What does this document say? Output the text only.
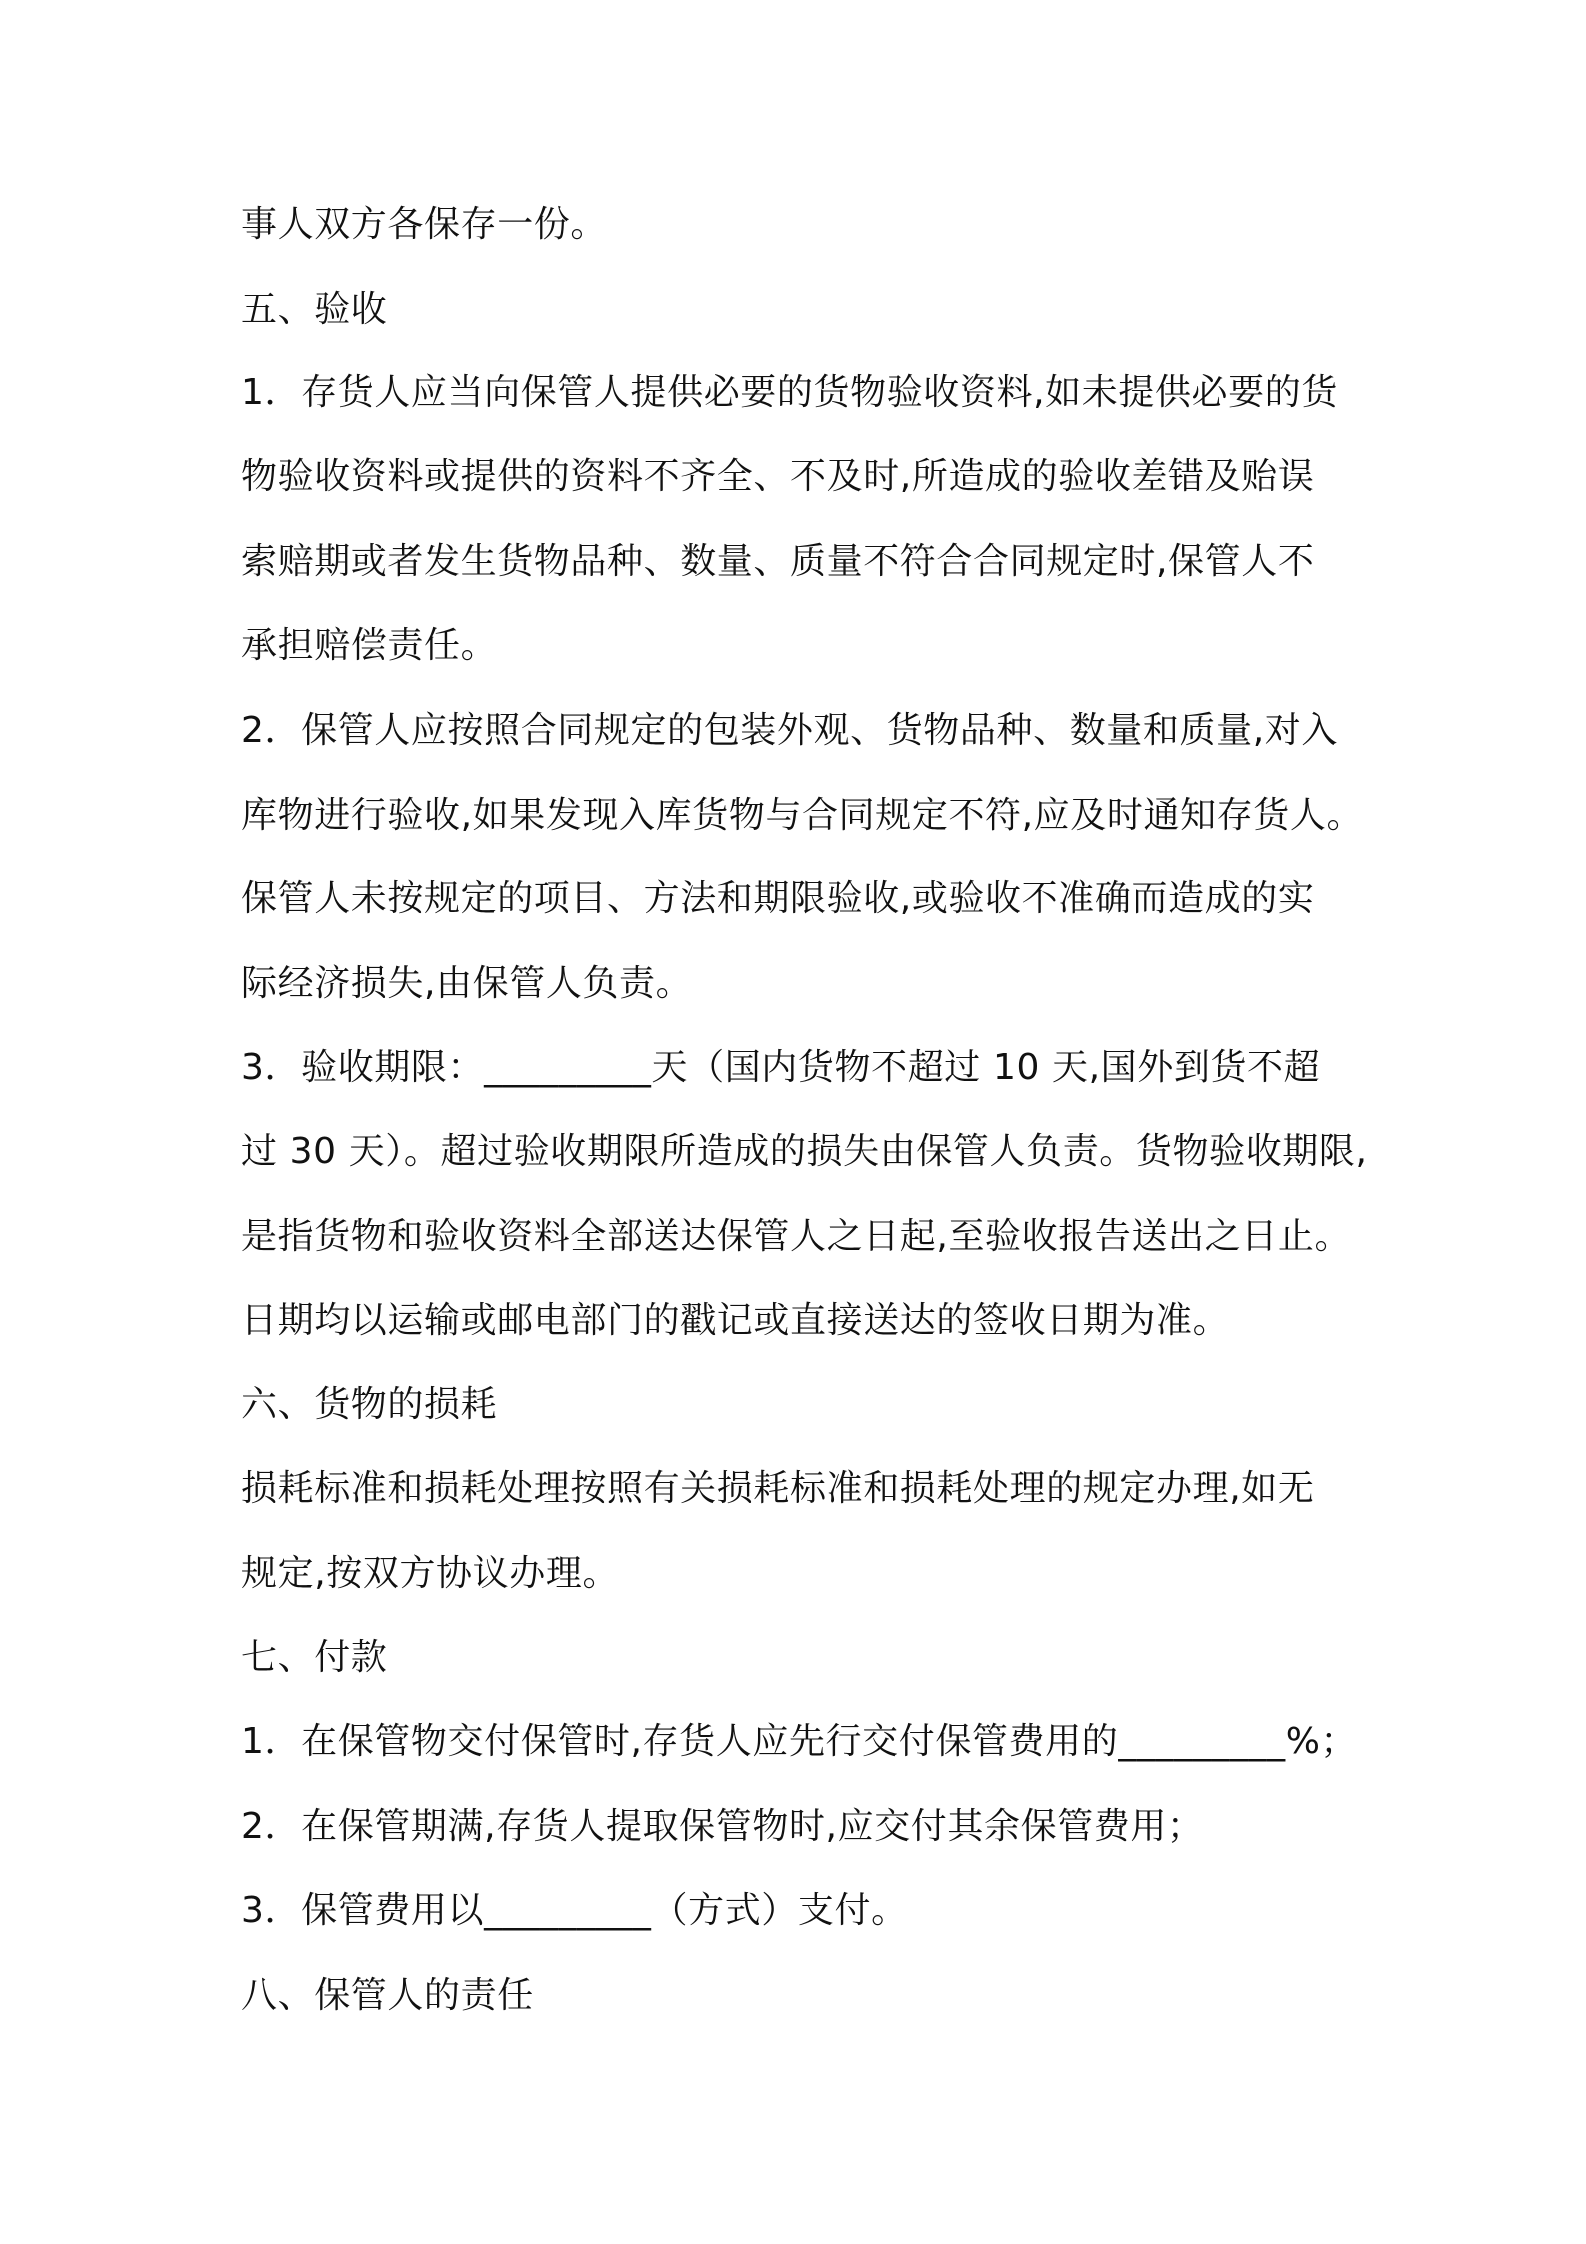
事人双方各保存一份。
五、验收
1．存货人应当向保管人提供必要的货物验收资料,如未提供必要的货
物验收资料或提供的资料不齐全、不及时,所造成的验收差错及贻误
索赔期或者发生货物品种、数量、质量不符合合同规定时,保管人不
承担赔偿责任。
2．保管人应按照合同规定的包装外观、货物品种、数量和质量,对入
库物进行验收,如果发现入库货物与合同规定不符,应及时通知存货人。
保管人未按规定的项目、方法和期限验收,或验收不准确而造成的实
际经济损失,由保管人负责。
3．验收期限：_________天（国内货物不超过 10 天,国外到货不超
过 30 天）。超过验收期限所造成的损失由保管人负责。货物验收期限,
是指货物和验收资料全部送达保管人之日起,至验收报告送出之日止。
日期均以运输或邮电部门的戳记或直接送达的签收日期为准。
六、货物的损耗
损耗标准和损耗处理按照有关损耗标准和损耗处理的规定办理,如无
规定,按双方协议办理。
七、付款
1．在保管物交付保管时,存货人应先行交付保管费用的_________%；
2．在保管期满,存货人提取保管物时,应交付其余保管费用；
3．保管费用以_________（方式）支付。
八、保管人的责任
